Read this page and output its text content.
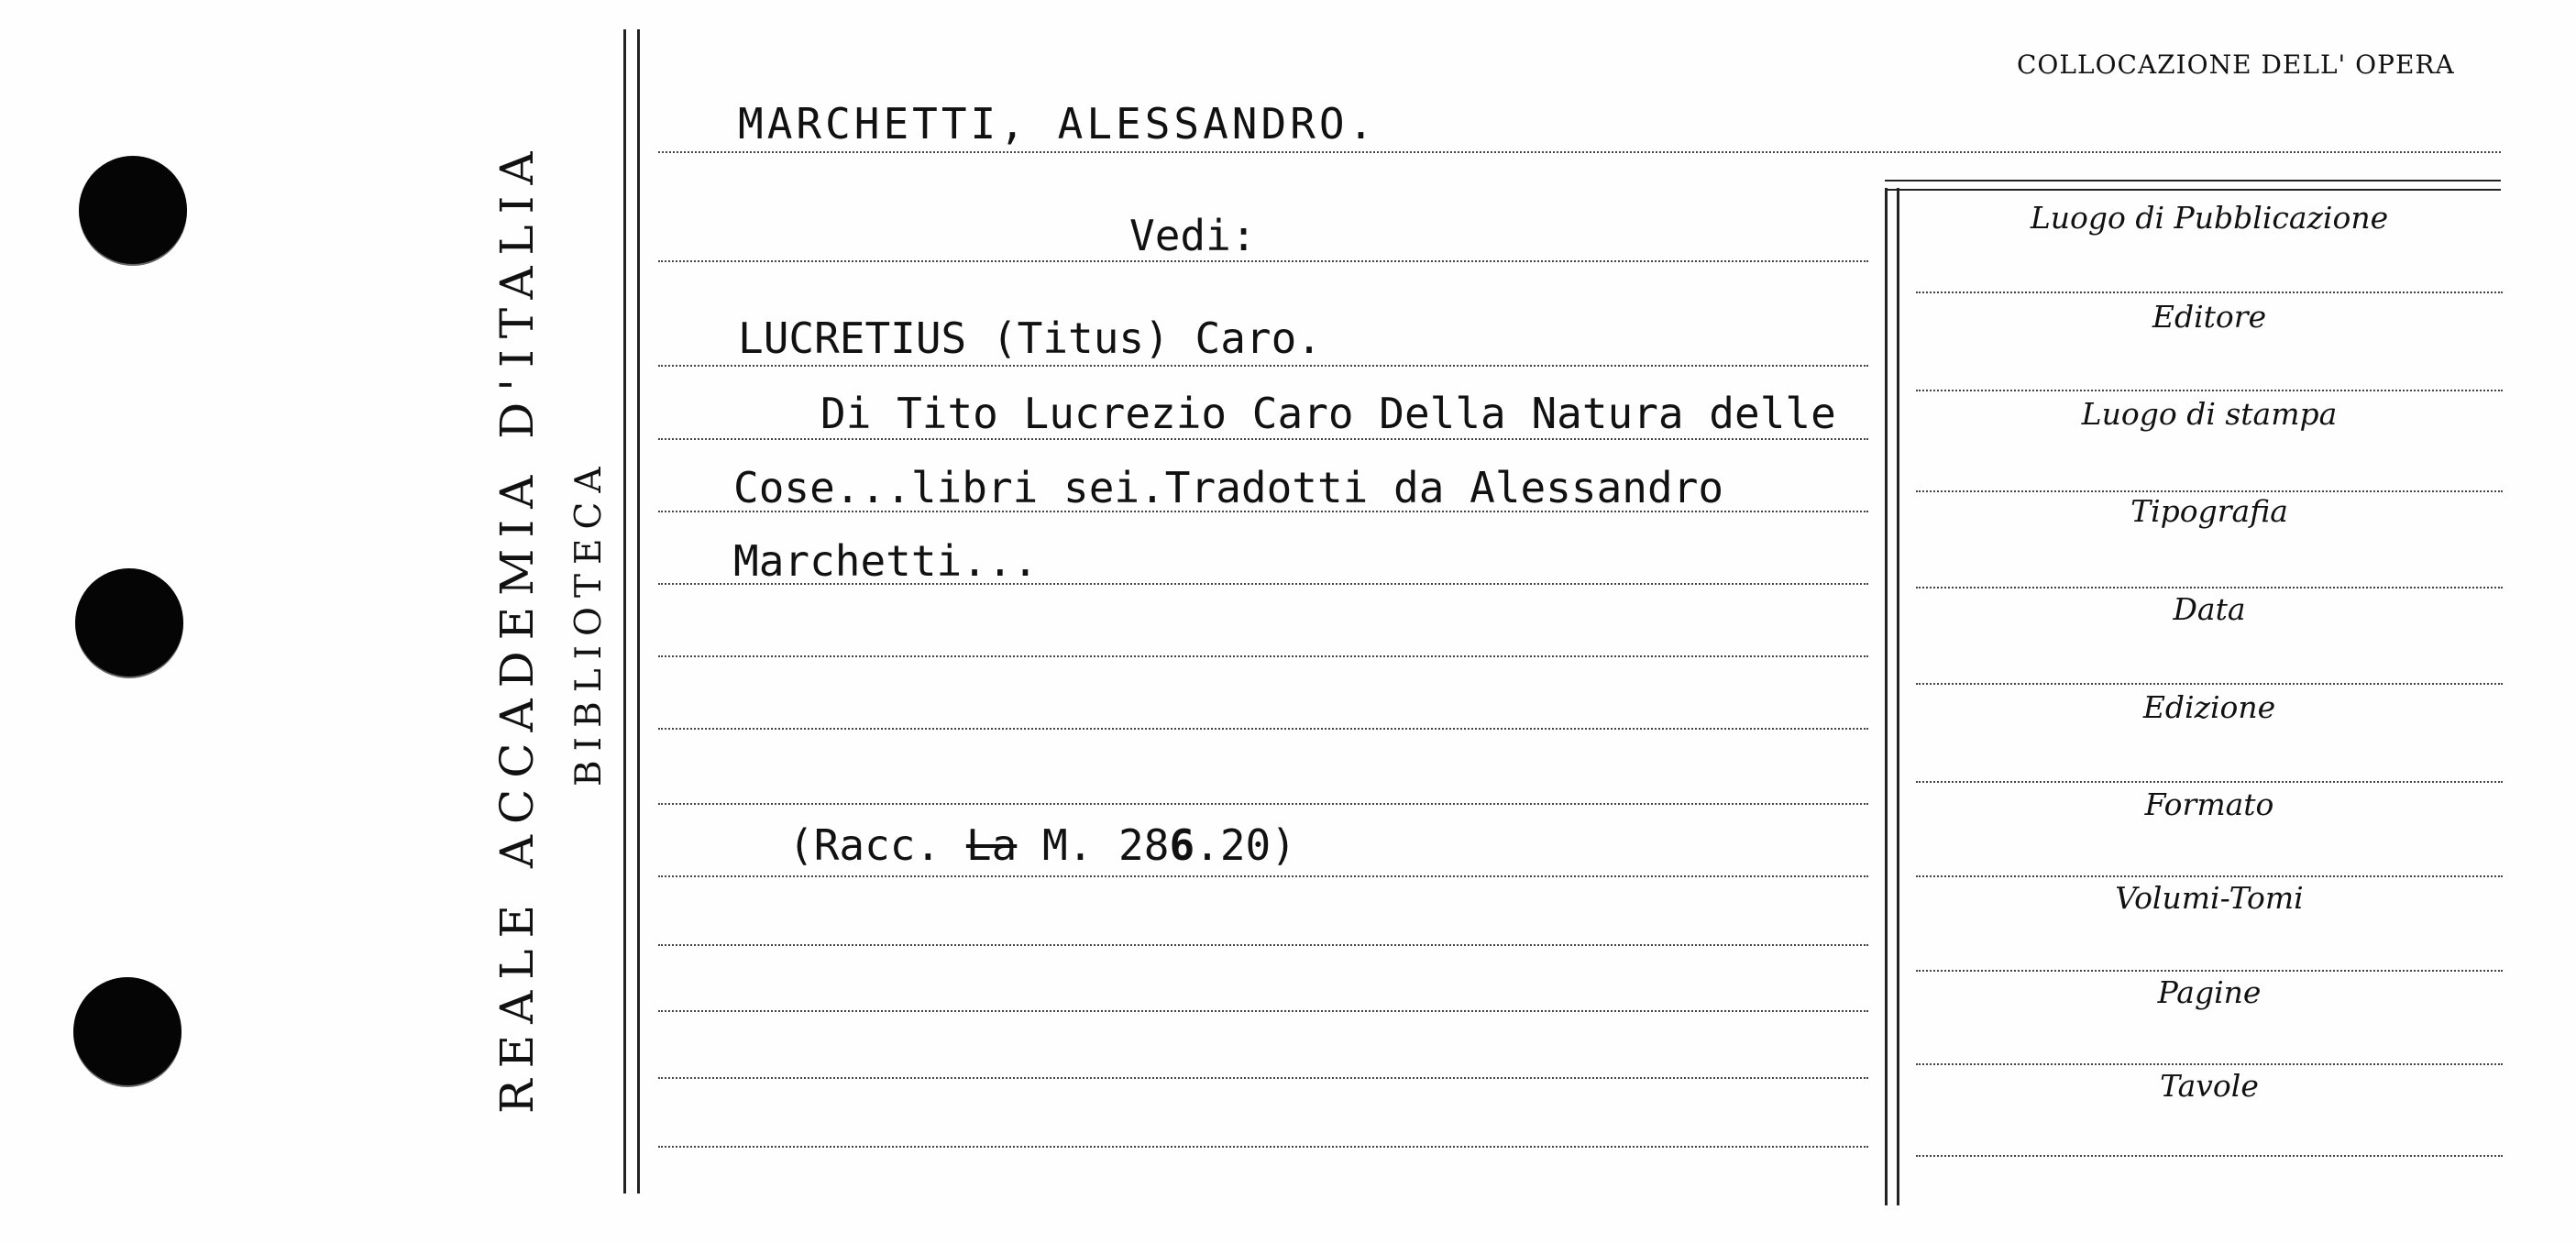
REALE ACCADEMIA D'ITALIA BIBLIOTECA
COLLOCAZIONE DELL' OPERA
MARCHETTI, ALESSANDRO.
Vedi:
LUCRETIUS (Titus) Caro.
Di Tito Lucrezio Caro Della Natura delle
Cose...libri sei.Tradotti da Alessandro
Marchetti...
(Racc. La M. 286.20)
Luogo di Pubblicazione
Editore
Luogo di stampa
Tipografia
Data
Edizione
Formato
Volumi-Tomi
Pagine
Tavole
